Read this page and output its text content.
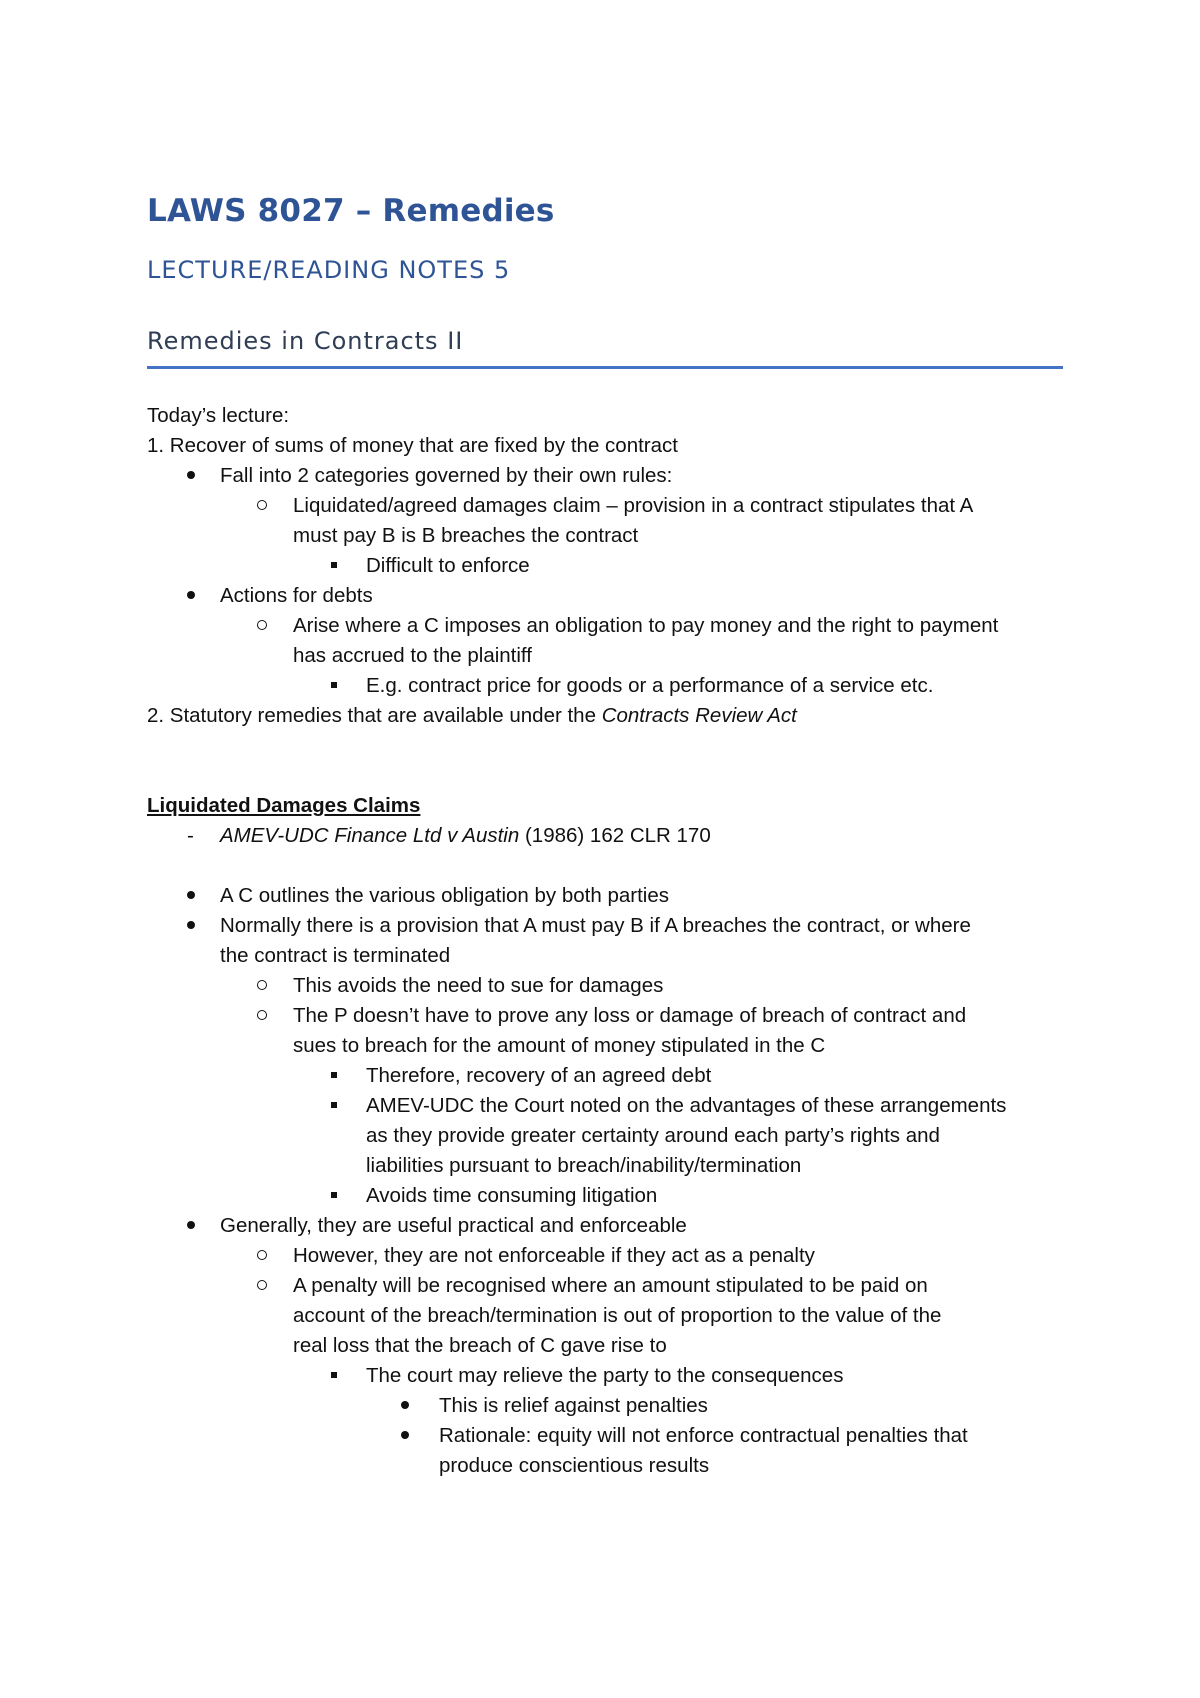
LAWS 8027 – Remedies
LECTURE/READING NOTES 5
Remedies in Contracts II

Today’s lecture:

1. Recover of sums of money that are fixed by the contract

Fall into 2 categories governed by their own rules:

Liquidated/agreed damages claim – provision in a contract stipulates that A

must pay B is B breaches the contract

Difficult to enforce

Actions for debts

Arise where a C imposes an obligation to pay money and the right to payment

has accrued to the plaintiff

E.g. contract price for goods or a performance of a service etc.

2. Statutory remedies that are available under the Contracts Review Act

Liquidated Damages Claims

-	AMEV-UDC Finance Ltd v Austin (1986) 162 CLR 170

A C outlines the various obligation by both parties

Normally there is a provision that A must pay B if A breaches the contract, or where

the contract is terminated

This avoids the need to sue for damages

The P doesn’t have to prove any loss or damage of breach of contract and

sues to breach for the amount of money stipulated in the C

Therefore, recovery of an agreed debt

AMEV-UDC the Court noted on the advantages of these arrangements

as they provide greater certainty around each party’s rights and

liabilities pursuant to breach/inability/termination

Avoids time consuming litigation

Generally, they are useful practical and enforceable

However, they are not enforceable if they act as a penalty

A penalty will be recognised where an amount stipulated to be paid on

account of the breach/termination is out of proportion to the value of the

real loss that the breach of C gave rise to

The court may relieve the party to the consequences

This is relief against penalties

Rationale: equity will not enforce contractual penalties that

produce conscientious results
